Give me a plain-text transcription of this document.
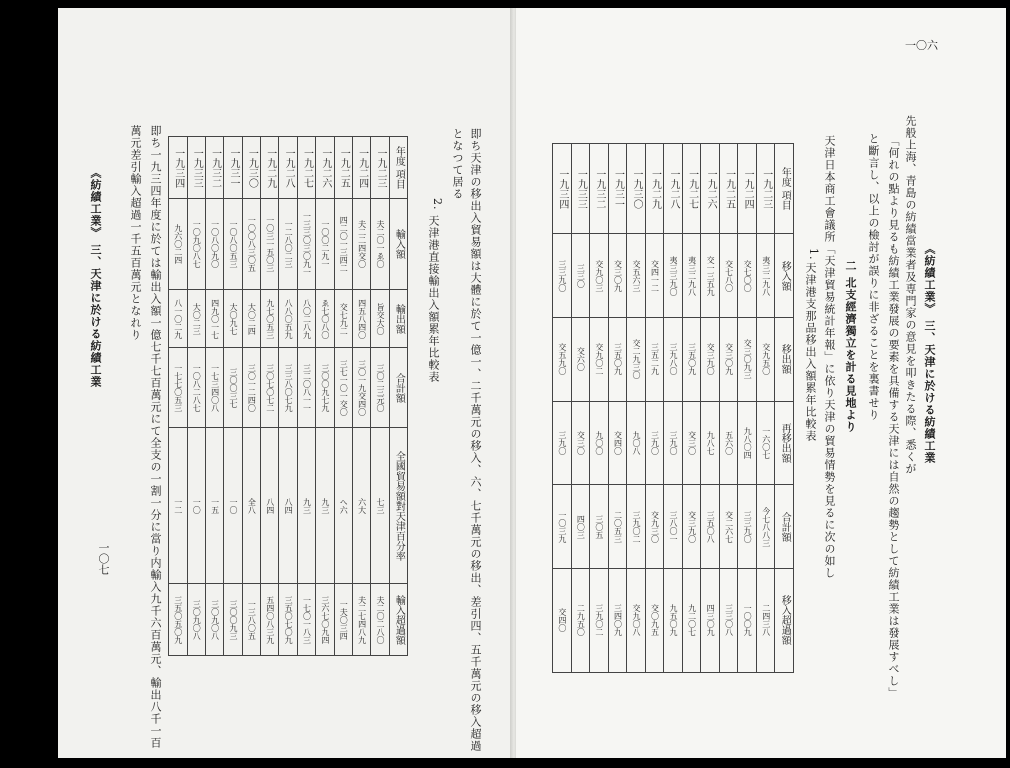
《紡績工業》 三、天津に於ける紡績工業
一〇六
先般上海、青島の紡績當業者及専門家の意見を叩きたる際、悉くが
「何れの點より見るも紡績工業發展の要素を具備する天津には自然の趨勢として紡績工業は發展すべし」
と斷言し、以上の檢討が誤りに非ざることを裏書せり
二 北支經濟獨立を計る見地より
天津日本商工會議所「天津貿易統計年報」に依り天津の貿易情勢を見るに次の如し
1.
天津港支那品移出入額累年比較表
年度 項目	移入額	移出額	再移出額	合計額	移入超過額
一九二三	夷三二九八	交九五〇	一六〇七	今七八八三	二四三八
一九二四	交七〇〇	交三〇九三	九八〇四	三三九〇	一〇〇九
一九二五	交七八〇	交三〇九	五六〇	交二六七	三三〇八
一九二六	交一三五九	交三九〇	九八七	三五〇八	四三〇九
一九二七	夷三二九八	三五〇九	交三〇	交三九〇	九二〇七
一九二八	夷三三九〇	三九八〇	三九〇	三八〇一	九五〇九
一九二九	交四一二	三五二九	三九〇	交九三〇	交〇九五
一九三〇	交五六三	交二九三〇	九〇八	三九〇二	交九〇八
一九三一	交三〇九	三五〇九	交四〇	二〇五三	三四〇九
一九三二	交九〇三	交九〇二	九〇〇	三〇五	三九〇二
一九三三	三三〇	交六〇	交三〇	四〇三	二九五〇
一九三四	三三九〇	交五九〇	三九〇	一〇三九	交四〇
《紡績工業》 三、天津に於ける紡績工業
一〇七	即ち天津の移出入貿易額は大體に於て一億一、二千萬元の移入、六、七千萬元の移出、差引四、五千萬元の移入超過
となつて居る
2.
天津港直接輸出入額累年比較表
即ち一九三四年度に於ては輸出入額一億七千七百萬元にて全支の一割一分に當り内輸入九千六百萬元、輸出八千一百
萬元差引輸入超過一千五百萬元となれり	年度 項目	輸入額	輸出額	合計額	全國貿易額對天津百分率	輸入超過額
一九二三	夫二〇一ゑ〇	旨交大〇	三〇二三元〇	七三	夫二〇二八〇
一九二四	夫二二四交〇	四五八四〇	三〇一九交四〇	六大	夫二七四八九
一九二五	四二〇一三四二	交七九二	三七一〇一交〇	へ六	一夫〇三四
一九二六	一〇〇二九一	ゑ七〇八〇	三〇〇九七九	九三	三六七〇九四
一九二七	一三三〇三〇九一	八〇二八九	三二〇八一一	九三	一七〇一八三
一九二八	一二八〇二三	八八〇五九	三三八〇七九	八四	三五〇七〇九
一九二九	一〇三一五〇三	九七〇五三	三〇七〇七二	八四	五四〇八三九
一九三〇	一〇〇八三〇五	大〇二四	三〇一二四〇	全八	一三八〇五
一九三一	一〇八〇五三	大〇九七	三〇〇三七	一〇	三〇〇九三
一九三二	一〇八〇九〇	四九〇一七	一七三四〇八	一五	三〇九〇八
一九三三	一〇九〇八七	大〇二三	一〇八二八七	一〇	三〇九〇八
一九三四	九六〇二四	八一〇二九	一七七〇五三	一二	三五〇五〇九
